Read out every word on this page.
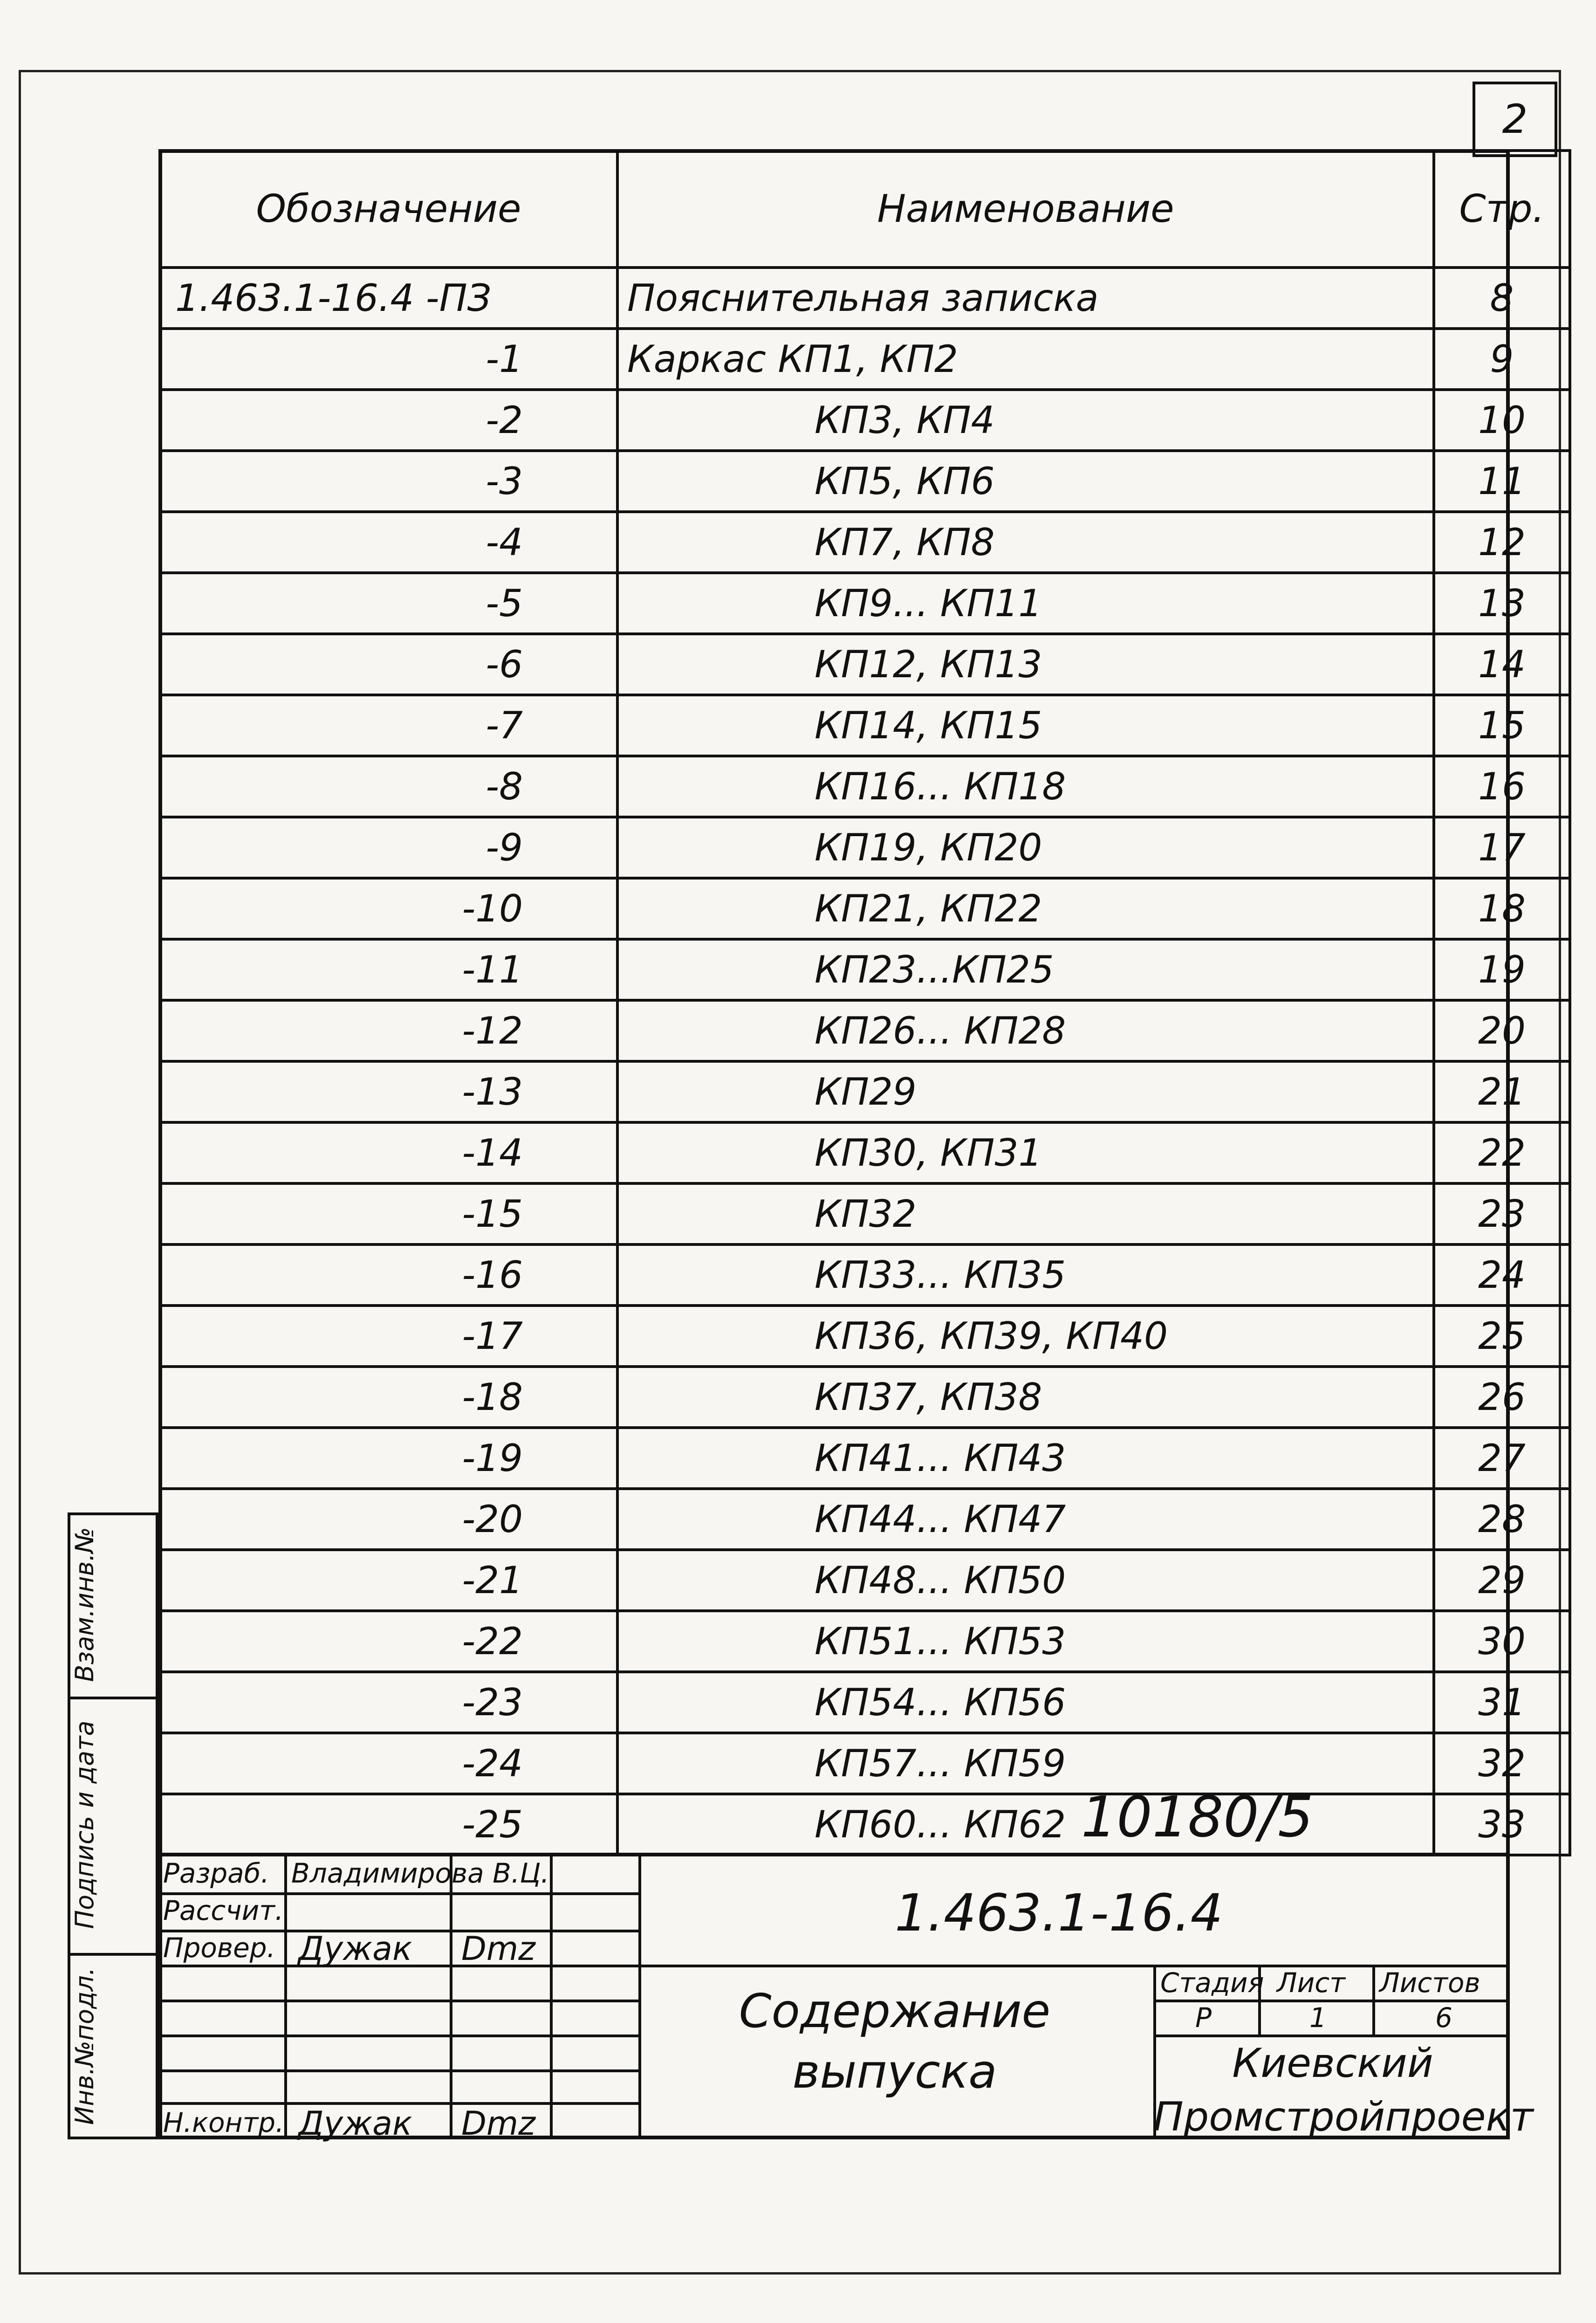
2
Обозначение	Наименование	Стр.
1.463.1-16.4 -ПЗ	Пояснительная записка	8
-1	Каркас КП1, КП2	9
-2	КП3, КП4	10
-3	КП5, КП6	11
-4	КП7, КП8	12
-5	КП9... КП11	13
-6	КП12, КП13	14
-7	КП14, КП15	15
-8	КП16... КП18	16
-9	КП19, КП20	17
-10	КП21, КП22	18
-11	КП23...КП25	19
-12	КП26... КП28	20
-13	КП29	21
-14	КП30, КП31	22
-15	КП32	23
-16	КП33... КП35	24
-17	КП36, КП39, КП40	25
-18	КП37, КП38	26
-19	КП41... КП43	27
-20	КП44... КП47	28
-21	КП48... КП50	29
-22	КП51... КП53	30
-23	КП54... КП56	31
-24	КП57... КП59	32
-25	КП60... КП62	33
Взам.инв.№
Подпись и дата
Инв.№подл.
10180/5
Разраб.
Рассчит.
Провер.
Н.контр.
Владимирова В.Ц.
Дужак
Дужак
Dmz
Dmz
1.463.1-16.4
Содержание
выпуска
Стадия Лист Листов
Р	1	6
Киевский
Промстройпроект
